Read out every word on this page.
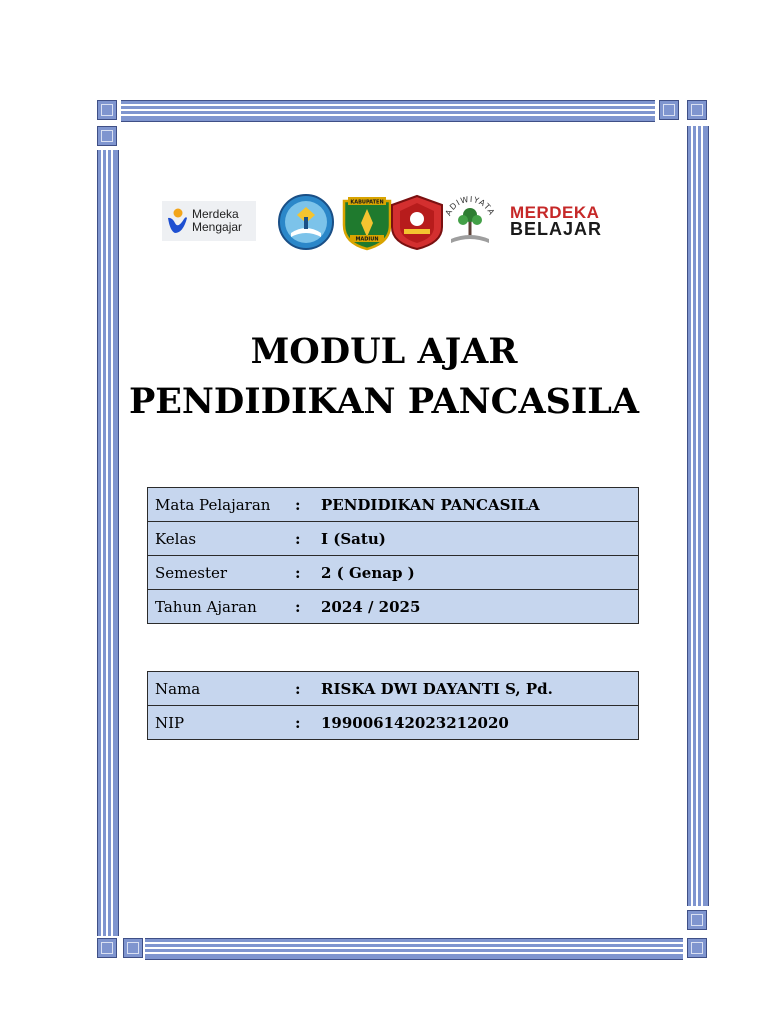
Merdeka
Mengajar
KABUPATEN
MADIUN
ADIWIYATA MERDEKA
BELAJAR
MODUL AJAR
PENDIDIKAN PANCASILA
Mata Pelajaran	:	PENDIDIKAN PANCASILA
Kelas	:	I (Satu)
Semester	:	2 ( Genap )
Tahun Ajaran	:	2024 / 2025
Nama	:	RISKA DWI DAYANTI S, Pd.
NIP	:	199006142023212020
